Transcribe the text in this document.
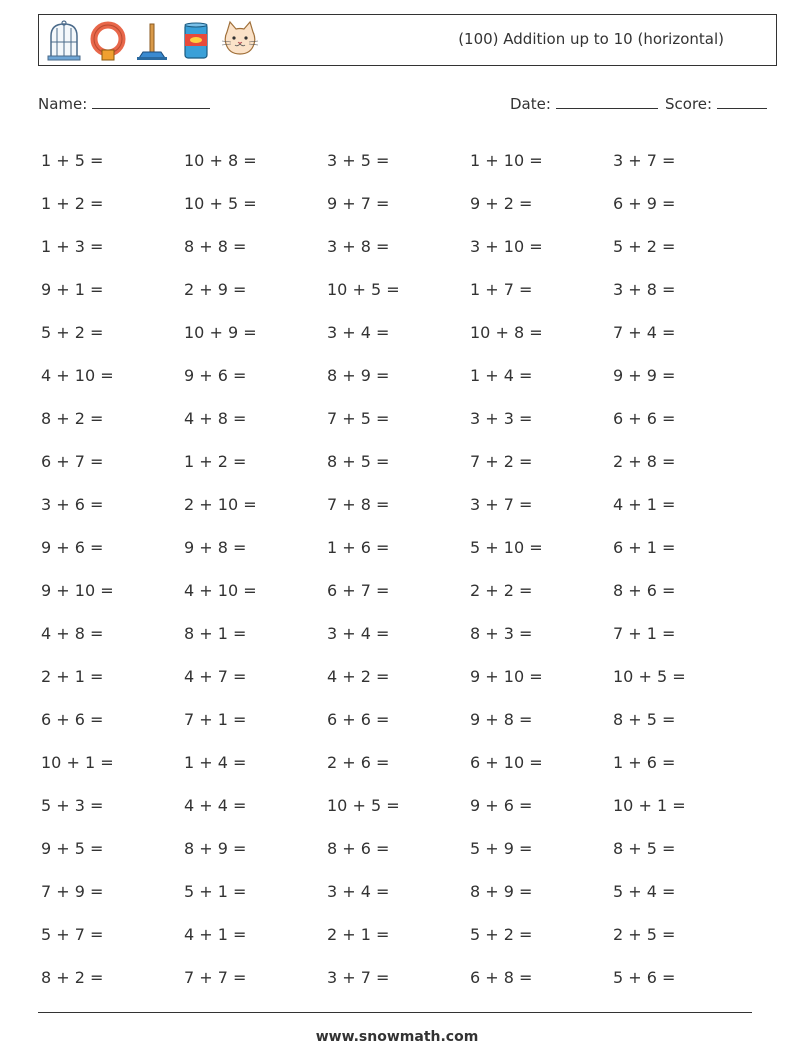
(100) Addition up to 10 (horizontal)
Name:	Date:	Score:
1 + 5 =	10 + 8 =	3 + 5 =	1 + 10 =	3 + 7 =
1 + 2 =	10 + 5 =	9 + 7 =	9 + 2 =	6 + 9 =
1 + 3 =	8 + 8 =	3 + 8 =	3 + 10 =	5 + 2 =
9 + 1 =	2 + 9 =	10 + 5 =	1 + 7 =	3 + 8 =
5 + 2 =	10 + 9 =	3 + 4 =	10 + 8 =	7 + 4 =
4 + 10 =	9 + 6 =	8 + 9 =	1 + 4 =	9 + 9 =
8 + 2 =	4 + 8 =	7 + 5 =	3 + 3 =	6 + 6 =
6 + 7 =	1 + 2 =	8 + 5 =	7 + 2 =	2 + 8 =
3 + 6 =	2 + 10 =	7 + 8 =	3 + 7 =	4 + 1 =
9 + 6 =	9 + 8 =	1 + 6 =	5 + 10 =	6 + 1 =
9 + 10 =	4 + 10 =	6 + 7 =	2 + 2 =	8 + 6 =
4 + 8 =	8 + 1 =	3 + 4 =	8 + 3 =	7 + 1 =
2 + 1 =	4 + 7 =	4 + 2 =	9 + 10 =	10 + 5 =
6 + 6 =	7 + 1 =	6 + 6 =	9 + 8 =	8 + 5 =
10 + 1 =	1 + 4 =	2 + 6 =	6 + 10 =	1 + 6 =
5 + 3 =	4 + 4 =	10 + 5 =	9 + 6 =	10 + 1 =
9 + 5 =	8 + 9 =	8 + 6 =	5 + 9 =	8 + 5 =
7 + 9 =	5 + 1 =	3 + 4 =	8 + 9 =	5 + 4 =
5 + 7 =	4 + 1 =	2 + 1 =	5 + 2 =	2 + 5 =
8 + 2 =	7 + 7 =	3 + 7 =	6 + 8 =	5 + 6 =
www.snowmath.com
